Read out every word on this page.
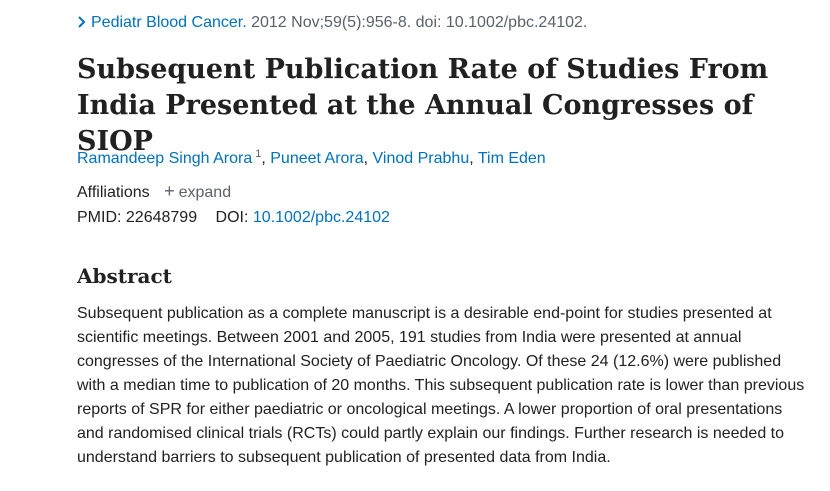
Pediatr Blood Cancer. 2012 Nov;59(5):956-8. doi: 10.1002/pbc.24102.
Subsequent Publication Rate of Studies From India Presented at the Annual Congresses of SIOP
Ramandeep Singh Arora $^1$, Puneet Arora, Vinod Prabhu, Tim Eden
Affiliations + expand
PMID: 22648799 DOI: 10.1002/pbc.24102
Abstract

Subsequent publication as a complete manuscript is a desirable end-point for studies presented at scientific meetings. Between 2001 and 2005, 191 studies from India were presented at annual congresses of the International Society of Paediatric Oncology. Of these 24 (12.6%) were published with a median time to publication of 20 months. This subsequent publication rate is lower than previous reports of SPR for either paediatric or oncological meetings. A lower proportion of oral presentations and randomised clinical trials (RCTs) could partly explain our findings. Further research is needed to understand barriers to subsequent publication of presented data from India.
